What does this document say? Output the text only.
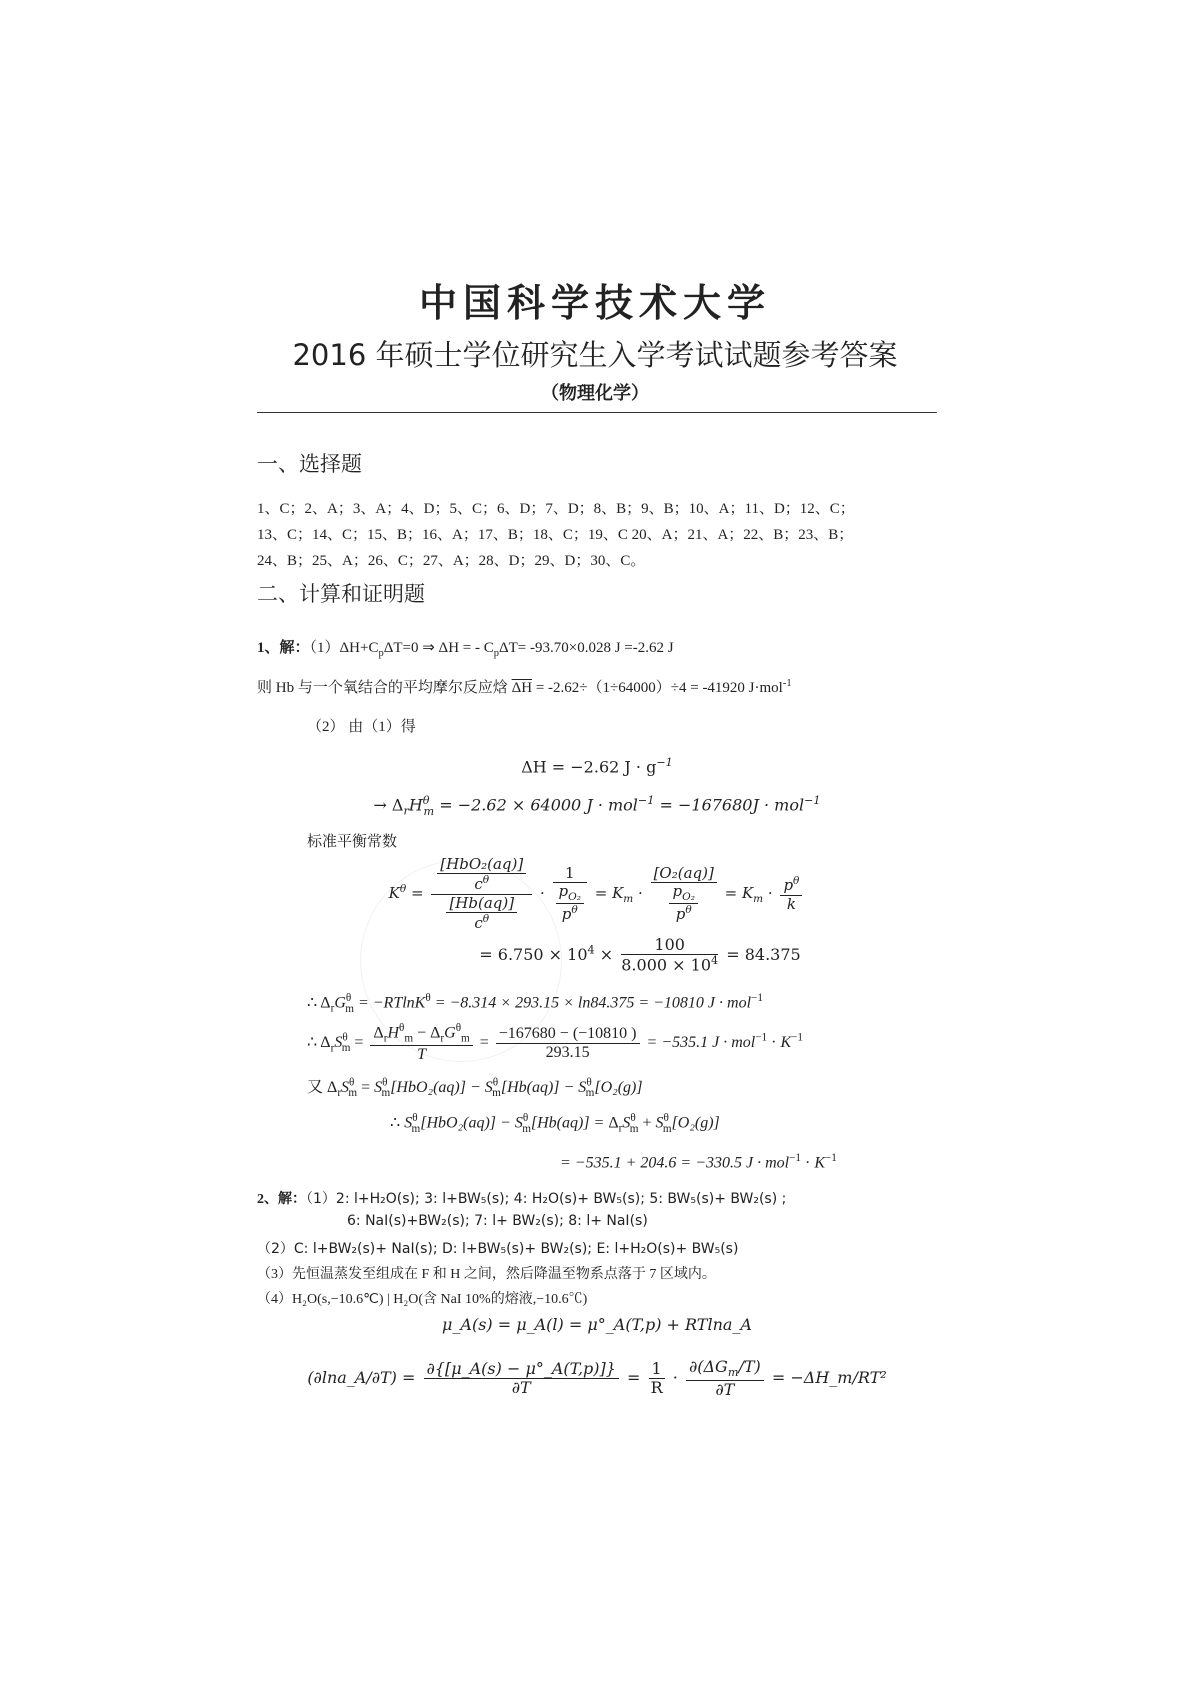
中国科学技术大学
2016 年硕士学位研究生入学考试试题参考答案
（物理化学）
一、选择题
1、C；2、A；3、A；4、D；5、C；6、D；7、D；8、B；9、B；10、A；11、D；12、C；
13、C；14、C；15、B；16、A；17、B；18、C；19、C 20、A；21、A；22、B；23、B；
24、B；25、A；26、C；27、A；28、D；29、D；30、C。
二、计算和证明题
1、解：$(1)\Delta H+C_p\Delta T=0$ ⇒ ΔH = - $C_p\Delta T= -93.70\times 0.028$ J =-2.62 J
则 Hb 与一个氧结合的平均摩尔反应焓 $\overline{\Delta H} = -2.62\div(1\div 64000)\div 4 = -41920$ J·mol$^{-1}$
（2） 由（1）得
ΔH = −2.62 $J \cdot g^{-1}$
→ $\Delta_rH^\theta_m = -2.62 \times 64000$ J · mol$^{-1}$ = −167680J · mol$^{-1}$
标准平衡常数
$K^\theta = \frac{\frac{\text{[HbO₂(aq)]}}{c^\theta}}{\frac{[Hb(aq)]}{c^\theta}} \cdot \frac{1}{\frac{p_{O_2}}{p^\theta}} = K_m \cdot \frac{\text{[O₂(aq)]}}{\frac{p_{O_2}}{p^\theta}} = K_m \cdot \frac{p^\theta}{k}$
= $6.750 \times 10^4 \times \frac{100}{8.000 \times 10^4} = 84.375$
∴ $\Delta_rG^\theta_m = -RTlnK^\theta = -8.314 \times 293.15 \times \ln 84.375 = -10810$ J · mol$^{-1}$
∴ $\Delta_rS^\theta_m = \frac{\Delta_rH^\theta_m - \Delta_rG^\theta_m}{T} = \frac{-167680 - (-10810 )}{293.15} = -535.1$ $J \cdot mol^{-1} \cdot K^{-1}$
又 $\Delta_rS^\theta_m = S^\theta_m[HbO_2(aq)] - S^\theta_m[Hb(aq)] - S^\theta_m[O_2(g)]$
∴ $S^\theta_m[HbO_2(aq)] - S^\theta_m[Hb(aq)] = \Delta_rS^\theta_m + S^\theta_m[O_2(g)]$
= −535.1 + 204.6 = −330.5 $J \cdot mol^{-1} \cdot K^{-1}$
2、解：（1）2: l+H₂O(s); 3: l+BW₅(s); 4: H₂O(s)+ BW₅(s); 5: BW₅(s)+ BW₂(s) ;
6: NaI(s)+BW₂(s); 7: l+ BW₂(s); 8: l+ NaI(s)
（2）C: l+BW₂(s)+ NaI(s); D: l+BW₅(s)+ BW₂(s); E: l+H₂O(s)+ BW₅(s)
（3）先恒温蒸发至组成在 F 和 H 之间，然后降温至物系点落于 7 区域内。
（4）H₂O(s,−10.6℃) | H₂O(含 NaI 10%的熔液,−10.6℃)
μ_A(s) = μ_A(l) = μ°_A(T,p) + RTlna_A
(∂lna_A/∂T) = $\frac{\partial\{[\mu\_A(s) - \mu^\circ\_A(T,p)]\}}{\partial T} = \frac{1}{R} \cdot \frac{\partial(\Delta G_m/T)}{\partial T}$ = −ΔH_m/RT²
